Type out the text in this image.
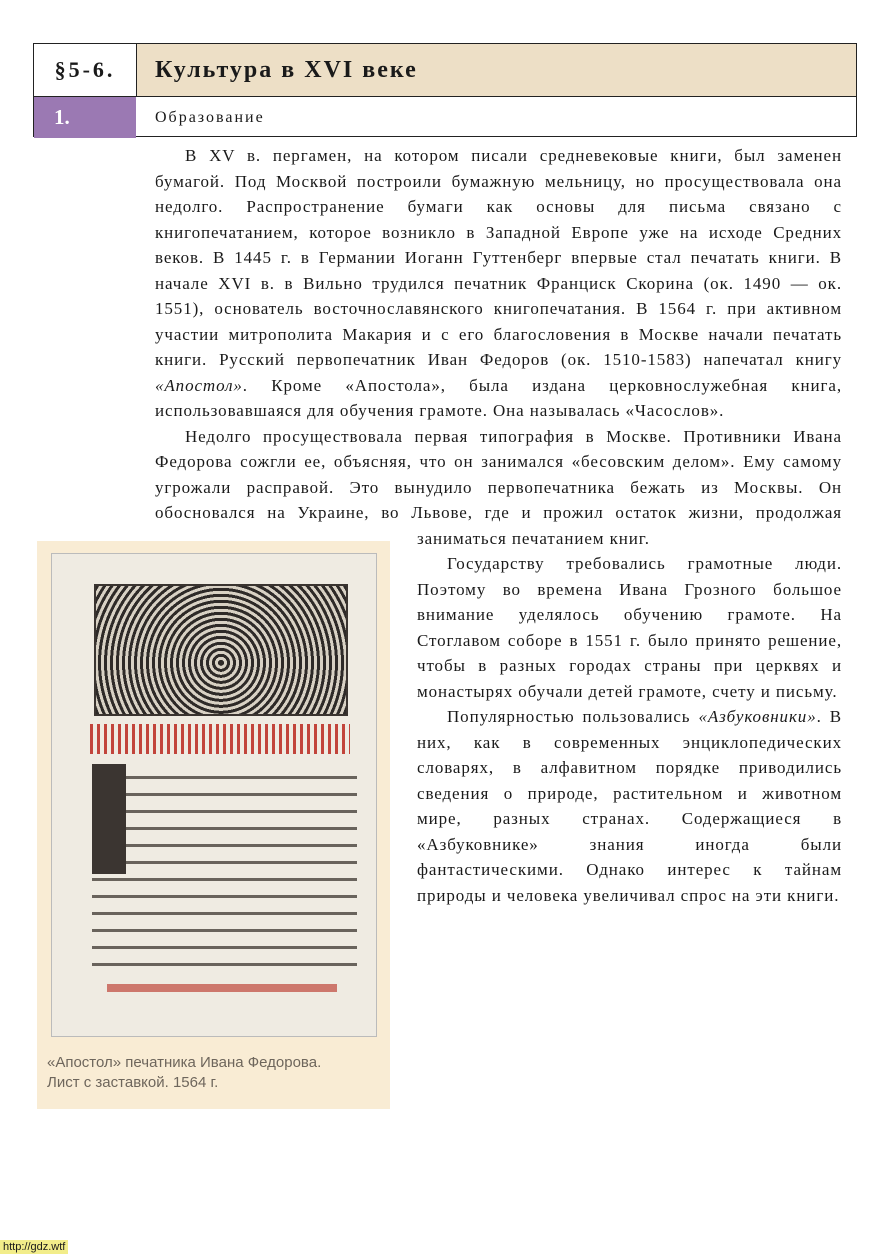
§5-6.	Культура в XVI веке
1.	Образование
«Апостол» печатника Ивана Федорова.
Лист с заставкой. 1564 г.

В XV в. пергамен, на котором писали средневековые книги, был заменен бумагой. Под Москвой построили бумажную мельницу, но просуществовала она недолго. Распространение бумаги как основы для письма связано с книгопечатанием, которое возникло в Западной Европе уже на исходе Средних веков. В 1445 г. в Германии Иоганн Гуттенберг впервые стал печатать книги. В начале XVI в. в Вильно трудился печатник Франциск Скорина (ок. 1490 — ок. 1551), основатель восточнославянского книгопечатания. В 1564 г. при активном участии митрополита Макария и с его благословения в Москве начали печатать книги. Русский первопечатник Иван Федоров (ок. 1510-1583) напечатал книгу «Апостол». Кроме «Апостола», была издана церковнослужебная книга, использовавшаяся для обучения грамоте. Она называлась «Часослов».

Недолго просуществовала первая типография в Москве. Противники Ивана Федорова сожгли ее, объясняя, что он занимался «бесовским делом». Ему самому угрожали расправой. Это вынудило первопечатника бежать из Москвы. Он обосновался на Украине, во Львове, где и прожил остаток жизни, продолжая заниматься печатанием книг.

Государству требовались грамотные люди. Поэтому во времена Ивана Грозного большое внимание уделялось обучению грамоте. На Стоглавом соборе в 1551 г. было принято решение, чтобы в разных городах страны при церквях и монастырях обучали детей грамоте, счету и письму.

Популярностью пользовались «Азбуковники». В них, как в современных энциклопедических словарях, в алфавитном порядке приводились сведения о природе, растительном и животном мире, разных странах. Содержащиеся в «Азбуковнике» знания иногда были фантастическими. Однако интерес к тайнам природы и человека увеличивал спрос на эти книги.

http://gdz.wtf
